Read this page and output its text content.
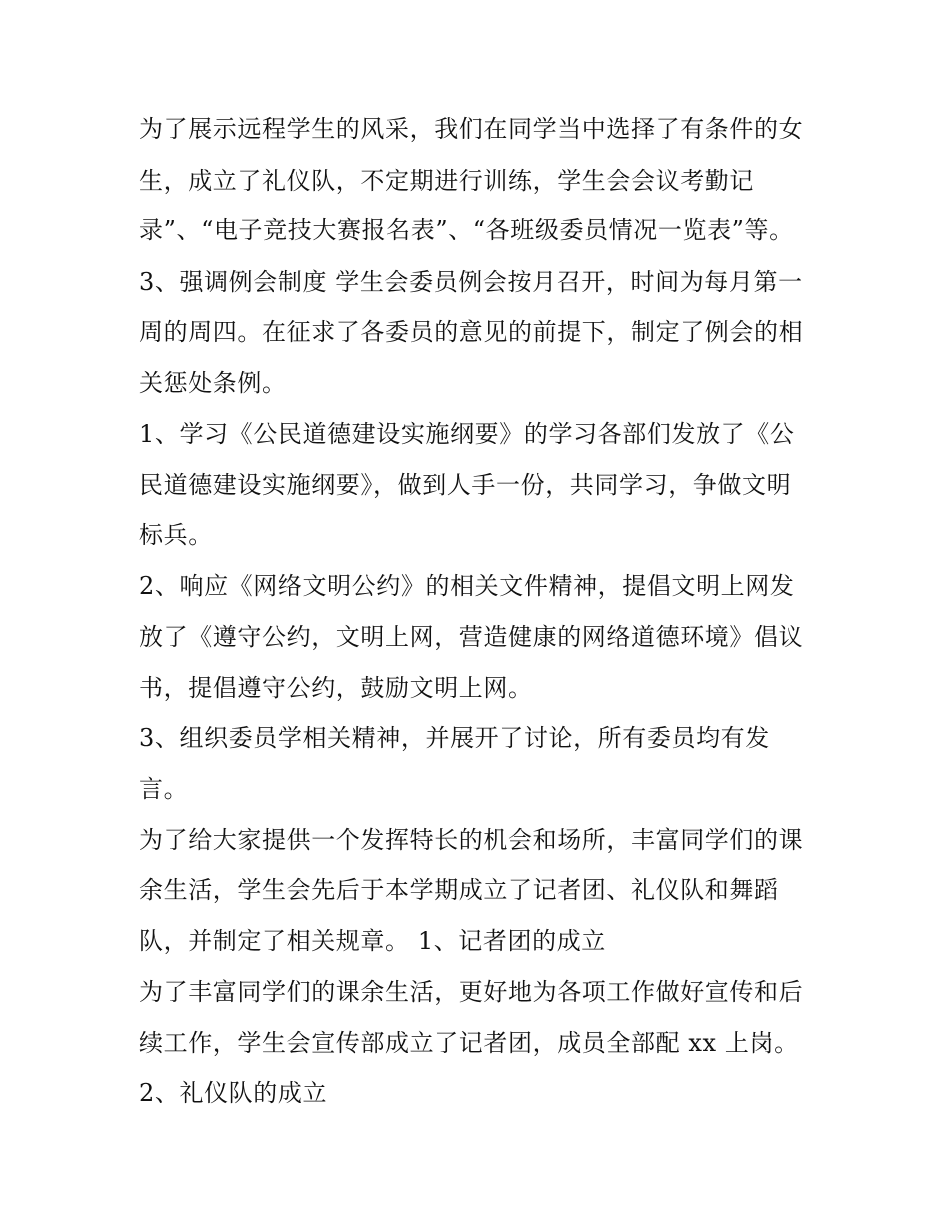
为了展示远程学生的风采，我们在同学当中选择了有条件的女
生，成立了礼仪队，不定期进行训练，学生会会议考勤记
录”、“电子竞技大赛报名表”、“各班级委员情况一览表”等。
3、强调例会制度 学生会委员例会按月召开，时间为每月第一
周的周四。在征求了各委员的意见的前提下，制定了例会的相
关惩处条例。
1、学习《公民道德建设实施纲要》的学习各部们发放了《公
民道德建设实施纲要》，做到人手一份，共同学习，争做文明
标兵。
2、响应《网络文明公约》的相关文件精神，提倡文明上网发
放了《遵守公约，文明上网，营造健康的网络道德环境》倡议
书，提倡遵守公约，鼓励文明上网。
3、组织委员学相关精神，并展开了讨论，所有委员均有发
言。
为了给大家提供一个发挥特长的机会和场所，丰富同学们的课
余生活，学生会先后于本学期成立了记者团、礼仪队和舞蹈
队，并制定了相关规章。 1、记者团的成立
为了丰富同学们的课余生活，更好地为各项工作做好宣传和后
续工作，学生会宣传部成立了记者团，成员全部配 xx 上岗。
2、礼仪队的成立
